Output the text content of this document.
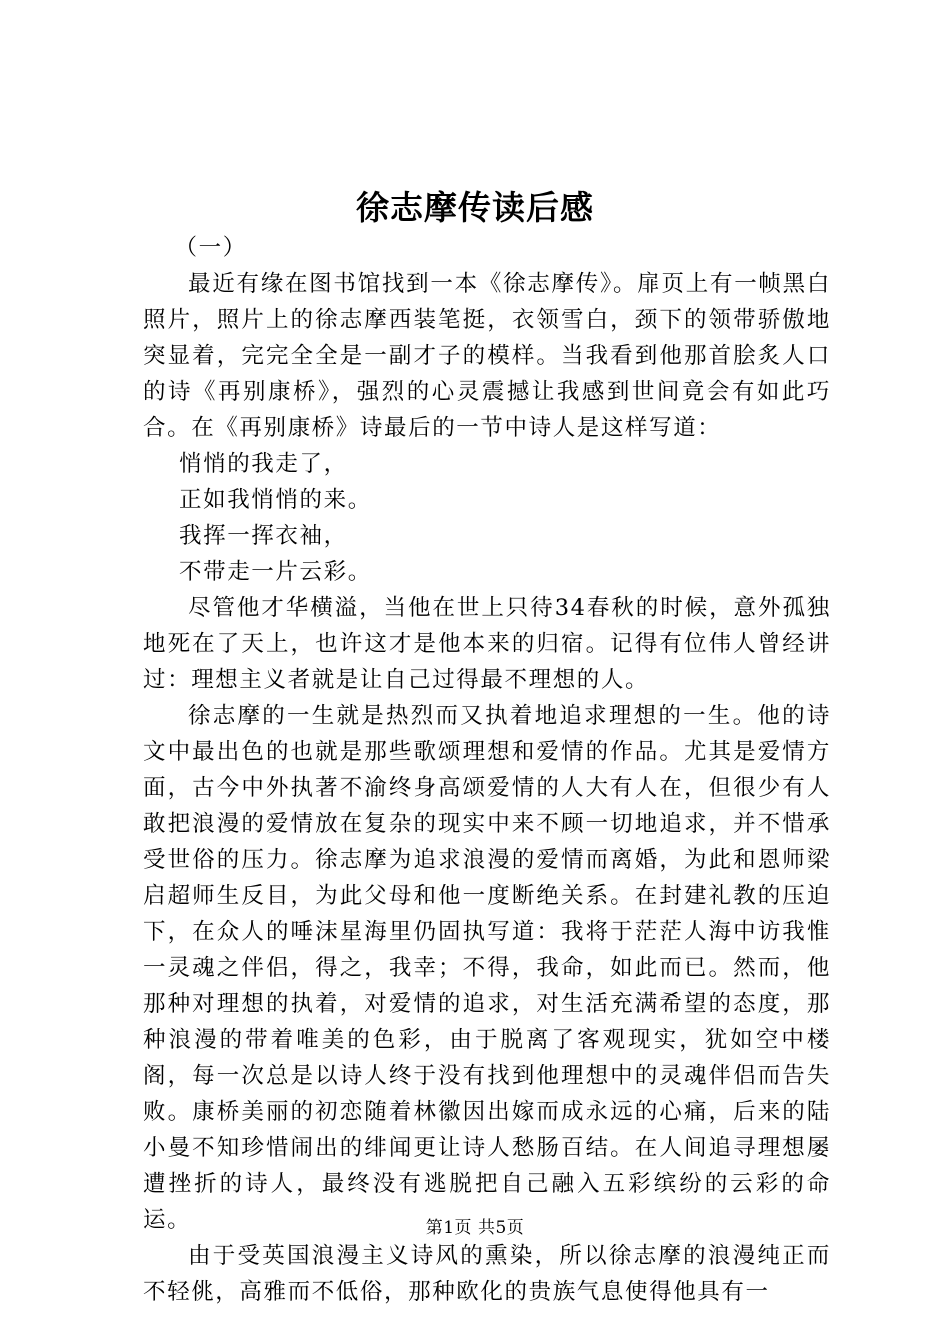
徐志摩传读后感

（一）

最近有缘在图书馆找到一本《徐志摩传》。扉页上有一帧黑白照片，照片上的徐志摩西装笔挺，衣领雪白，颈下的领带骄傲地突显着，完完全全是一副才子的模样。当我看到他那首脍炙人口的诗《再别康桥》，强烈的心灵震撼让我感到世间竟会有如此巧合。在《再别康桥》诗最后的一节中诗人是这样写道：

悄悄的我走了，

正如我悄悄的来。

我挥一挥衣袖，

不带走一片云彩。

尽管他才华横溢，当他在世上只待34春秋的时候，意外孤独地死在了天上，也许这才是他本来的归宿。记得有位伟人曾经讲过：理想主义者就是让自己过得最不理想的人。

徐志摩的一生就是热烈而又执着地追求理想的一生。他的诗文中最出色的也就是那些歌颂理想和爱情的作品。尤其是爱情方面，古今中外执著不渝终身高颂爱情的人大有人在，但很少有人敢把浪漫的爱情放在复杂的现实中来不顾一切地追求，并不惜承受世俗的压力。徐志摩为追求浪漫的爱情而离婚，为此和恩师梁启超师生反目，为此父母和他一度断绝关系。在封建礼教的压迫下，在众人的唾沫星海里仍固执写道：我将于茫茫人海中访我惟一灵魂之伴侣，得之，我幸；不得，我命，如此而已。然而，他那种对理想的执着，对爱情的追求，对生活充满希望的态度，那种浪漫的带着唯美的色彩，由于脱离了客观现实，犹如空中楼阁，每一次总是以诗人终于没有找到他理想中的灵魂伴侣而告失败。康桥美丽的初恋随着林徽因出嫁而成永远的心痛，后来的陆小曼不知珍惜闹出的绯闻更让诗人愁肠百结。在人间追寻理想屡遭挫折的诗人，最终没有逃脱把自己融入五彩缤纷的云彩的命运。

由于受英国浪漫主义诗风的熏染，所以徐志摩的浪漫纯正而不轻佻，高雅而不低俗，那种欧化的贵族气息使得他具有一

第1页 共5页
